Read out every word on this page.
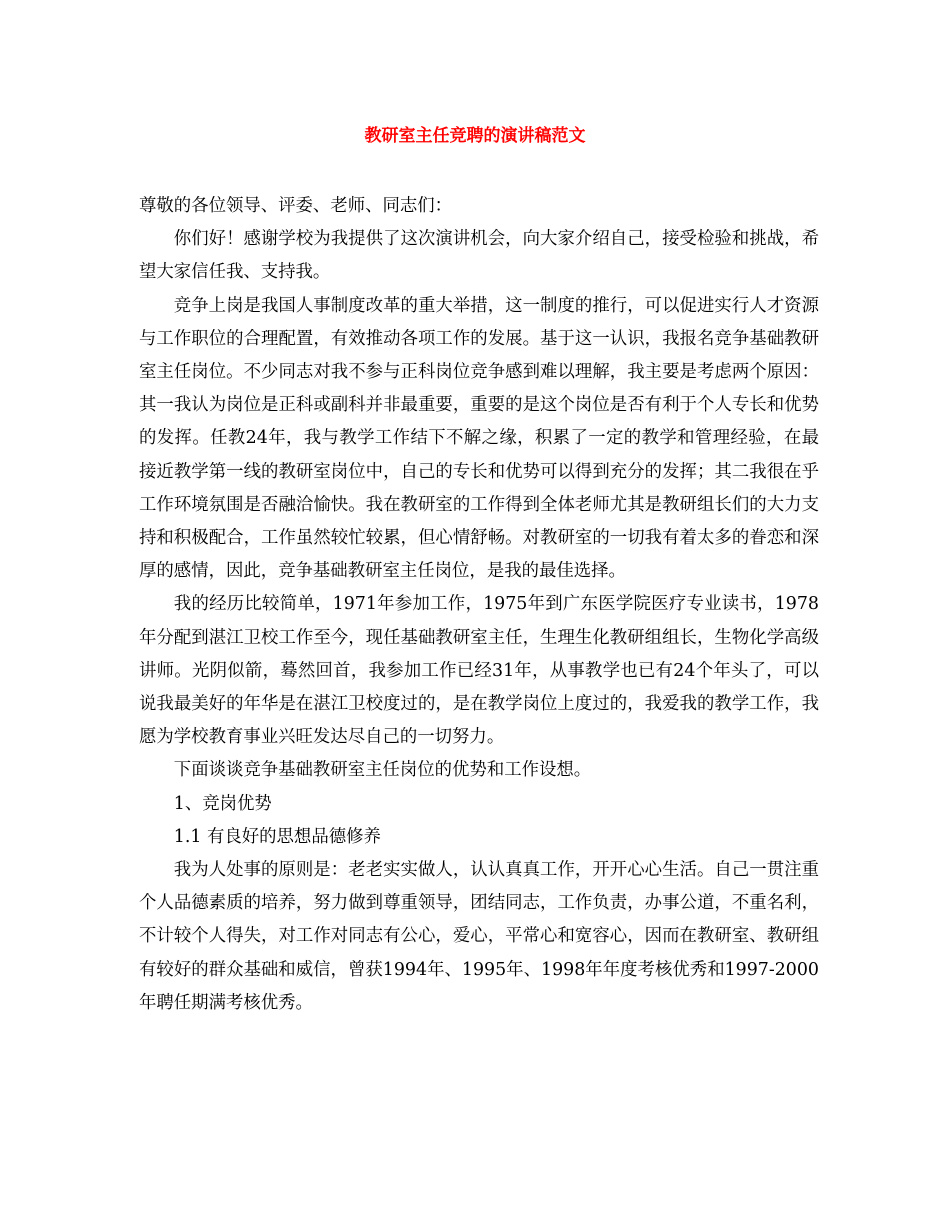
教研室主任竞聘的演讲稿范文

尊敬的各位领导、评委、老师、同志们：

你们好！感谢学校为我提供了这次演讲机会，向大家介绍自己，接受检验和挑战，希望大家信任我、支持我。

竞争上岗是我国人事制度改革的重大举措，这一制度的推行，可以促进实行人才资源与工作职位的合理配置，有效推动各项工作的发展。基于这一认识，我报名竞争基础教研室主任岗位。不少同志对我不参与正科岗位竞争感到难以理解，我主要是考虑两个原因：其一我认为岗位是正科或副科并非最重要，重要的是这个岗位是否有利于个人专长和优势的发挥。任教24年，我与教学工作结下不解之缘，积累了一定的教学和管理经验，在最接近教学第一线的教研室岗位中，自己的专长和优势可以得到充分的发挥；其二我很在乎工作环境氛围是否融洽愉快。我在教研室的工作得到全体老师尤其是教研组长们的大力支持和积极配合，工作虽然较忙较累，但心情舒畅。对教研室的一切我有着太多的眷恋和深厚的感情，因此，竞争基础教研室主任岗位，是我的最佳选择。

我的经历比较简单，1971年参加工作，1975年到广东医学院医疗专业读书，1978年分配到湛江卫校工作至今，现任基础教研室主任，生理生化教研组组长，生物化学高级讲师。光阴似箭，蓦然回首，我参加工作已经31年，从事教学也已有24个年头了，可以说我最美好的年华是在湛江卫校度过的，是在教学岗位上度过的，我爱我的教学工作，我愿为学校教育事业兴旺发达尽自己的一切努力。

下面谈谈竞争基础教研室主任岗位的优势和工作设想。

1、竞岗优势

1.1 有良好的思想品德修养

我为人处事的原则是：老老实实做人，认认真真工作，开开心心生活。自己一贯注重个人品德素质的培养，努力做到尊重领导，团结同志，工作负责，办事公道，不重名利，不计较个人得失，对工作对同志有公心，爱心，平常心和宽容心，因而在教研室、教研组有较好的群众基础和威信，曾获1994年、1995年、1998年年度考核优秀和1997-2000年聘任期满考核优秀。
